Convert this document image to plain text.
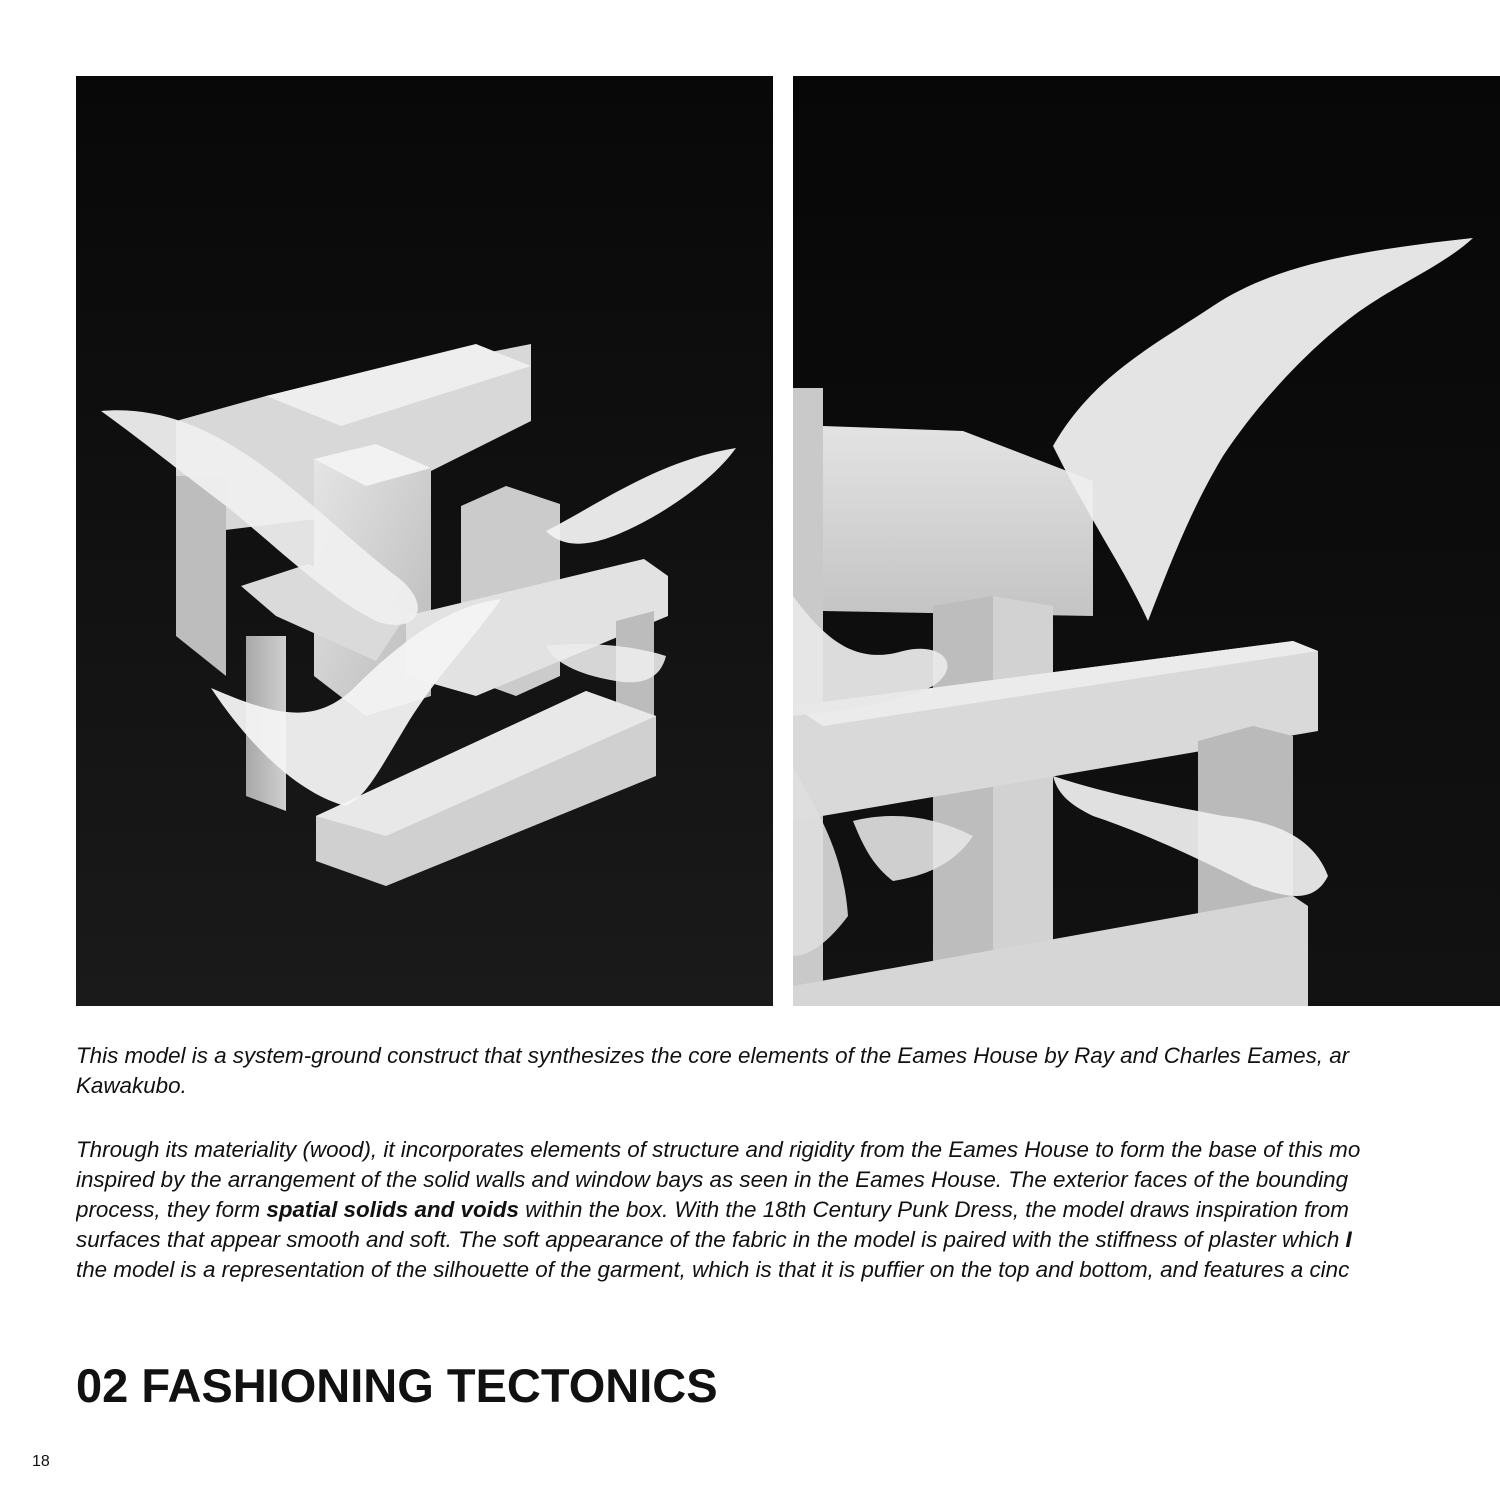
This model is a system-ground construct that synthesizes the core elements of the Eames House by Ray and Charles Eames, ar
Kawakubo.

Through its materiality (wood), it incorporates elements of structure and rigidity from the Eames House to form the base of this mo
inspired by the arrangement of the solid walls and window bays as seen in the Eames House. The exterior faces of the bounding
process, they form spatial solids and voids within the box. With the 18th Century Punk Dress, the model draws inspiration from
surfaces that appear smooth and soft. The soft appearance of the fabric in the model is paired with the stiffness of plaster which I
the model is a representation of the silhouette of the garment, which is that it is puffier on the top and bottom, and features a cinc

02 FASHIONING TECTONICS
18
